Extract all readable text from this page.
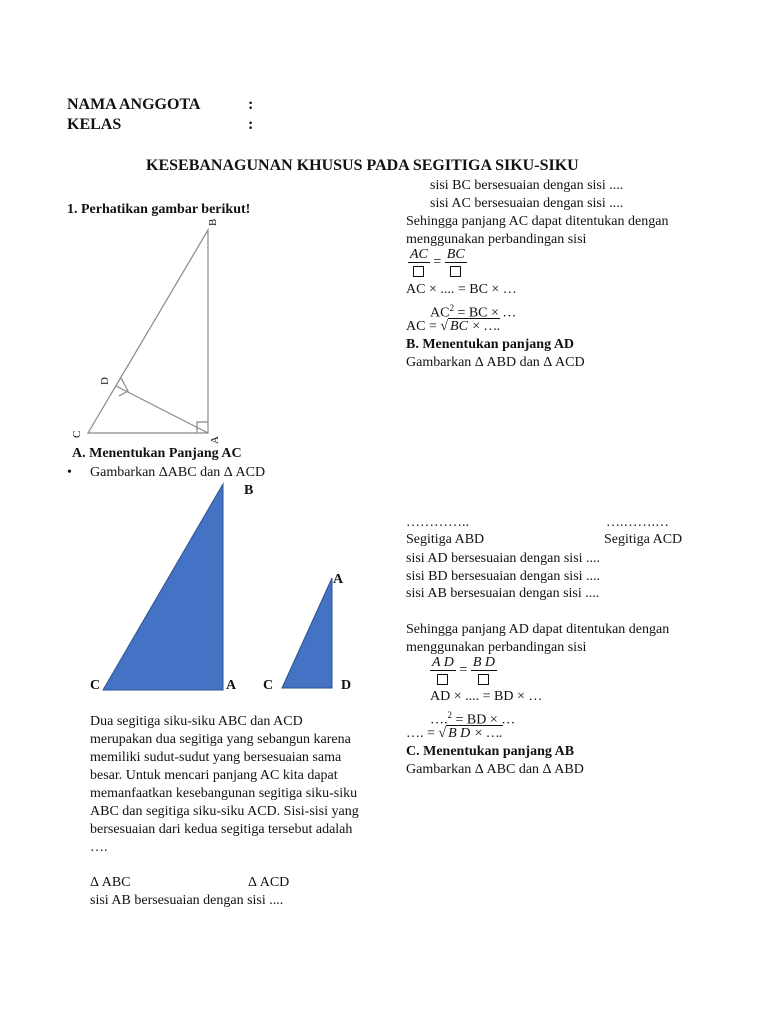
NAMA ANGGOTA	:
KELAS	:
KESEBANAGUNAN KHUSUS PADA SEGITIGA SIKU-SIKU
1. Perhatikan gambar berikut!
B
D
C
A
A. Menentukan Panjang AC
• Gambarkan ΔABC dan Δ ACD
B
C	A
A
C	D
Dua segitiga siku-siku ABC dan ACD merupakan dua segitiga yang sebangun karena memiliki sudut-sudut yang bersesuaian sama besar. Untuk mencari panjang AC kita dapat memanfaatkan kesebangunan segitiga siku-siku ABC dan segitiga siku-siku ACD. Sisi-sisi yang bersesuaian dari kedua segitiga tersebut adalah ….
Δ ABC	Δ ACD
sisi AB bersesuaian dengan sisi ....
sisi BC bersesuaian dengan sisi ....
sisi AC bersesuaian dengan sisi ....
Sehingga panjang AC dapat ditentukan dengan
menggunakan perbandingan sisi
AC = BC
AC × .... = BC × …
$AC^2$ = BC × …
AC = √ BC × ….
B. Menentukan panjang AD
Gambarkan Δ ABD dan Δ ACD
…………..	….…….…
Segitiga ABD	Segitiga ACD
sisi AD bersesuaian dengan sisi ....
sisi BD bersesuaian dengan sisi ....
sisi AB bersesuaian dengan sisi ....
Sehingga panjang AD dapat ditentukan dengan
menggunakan perbandingan sisi
A D = B D
AD × .... = BD × …
….$^2$ = BD × …
…. = √ B D × ….
C. Menentukan panjang AB
Gambarkan Δ ABC dan Δ ABD
